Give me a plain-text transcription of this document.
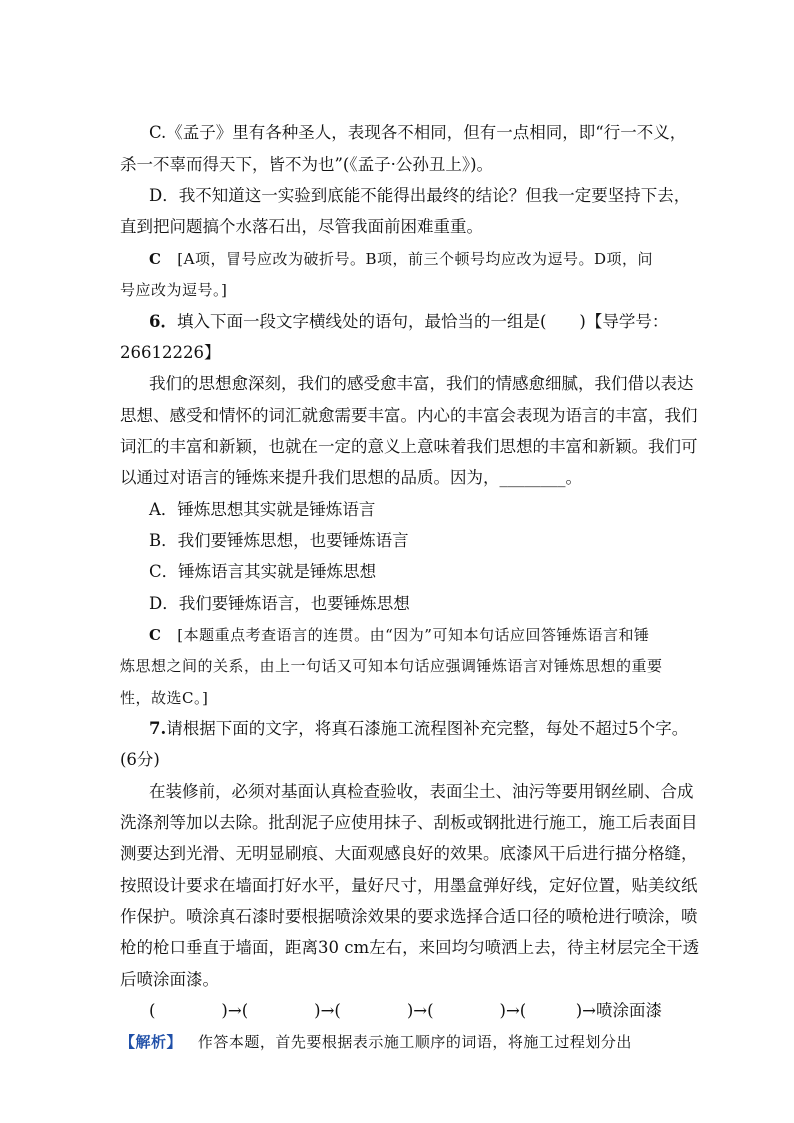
C.《孟子》里有各种圣人，表现各不相同，但有一点相同，即“行一不义，
杀一不辜而得天下，皆不为也”(《孟子·公孙丑上》)。
D．我不知道这一实验到底能不能得出最终的结论？但我一定要坚持下去，
直到把问题搞个水落石出，尽管我面前困难重重。
C [A项，冒号应改为破折号。B项，前三个顿号均应改为逗号。D项，问
号应改为逗号。]
6．填入下面一段文字横线处的语句，最恰当的一组是(　　)【导学号：
26612226】
我们的思想愈深刻，我们的感受愈丰富，我们的情感愈细腻，我们借以表达
思想、感受和情怀的词汇就愈需要丰富。内心的丰富会表现为语言的丰富，我们
词汇的丰富和新颖，也就在一定的意义上意味着我们思想的丰富和新颖。我们可
以通过对语言的锤炼来提升我们思想的品质。因为，________。
A．锤炼思想其实就是锤炼语言
B．我们要锤炼思想，也要锤炼语言
C．锤炼语言其实就是锤炼思想
D．我们要锤炼语言，也要锤炼思想
C [本题重点考查语言的连贯。由“因为”可知本句话应回答锤炼语言和锤
炼思想之间的关系，由上一句话又可知本句话应强调锤炼语言对锤炼思想的重要
性，故选C。]
7.请根据下面的文字，将真石漆施工流程图补充完整，每处不超过5个字。
(6分)
在装修前，必须对基面认真检查验收，表面尘土、油污等要用钢丝刷、合成
洗涤剂等加以去除。批刮泥子应使用抹子、刮板或钢批进行施工，施工后表面目
测要达到光滑、无明显刷痕、大面观感良好的效果。底漆风干后进行描分格缝，
按照设计要求在墙面打好水平，量好尺寸，用墨盒弹好线，定好位置，贴美纹纸
作保护。喷涂真石漆时要根据喷涂效果的要求选择合适口径的喷枪进行喷涂，喷
枪的枪口垂直于墙面，距离30 cm左右，来回均匀喷洒上去，待主材层完全干透
后喷涂面漆。
(　　　　)→(　　　　)→(　　　　)→(　　　　)→(　　　)→喷涂面漆
【解析】 作答本题，首先要根据表示施工顺序的词语，将施工过程划分出
